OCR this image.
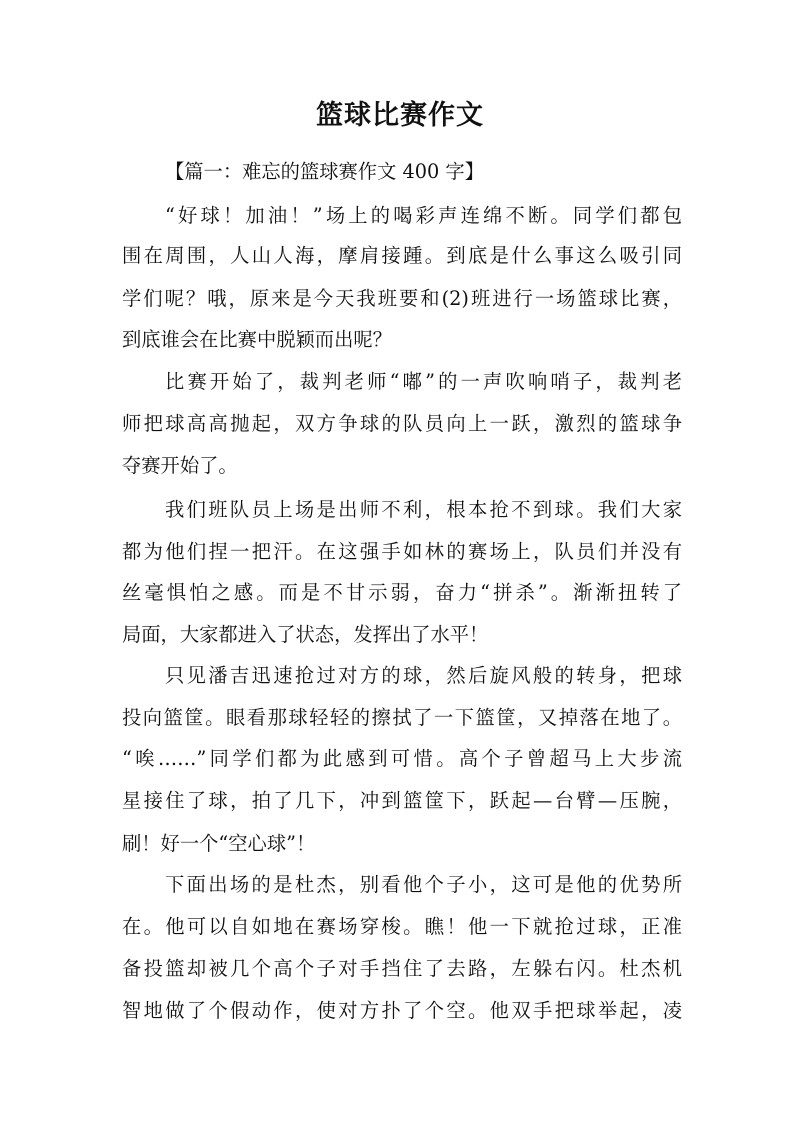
篮球比赛作文
【篇一：难忘的篮球赛作文 400 字】
“好球！加油！”场上的喝彩声连绵不断。同学们都包
围在周围，人山人海，摩肩接踵。到底是什么事这么吸引同
学们呢？哦，原来是今天我班要和(2)班进行一场篮球比赛，
到底谁会在比赛中脱颖而出呢？
比赛开始了，裁判老师“嘟”的一声吹响哨子，裁判老
师把球高高抛起，双方争球的队员向上一跃，激烈的篮球争
夺赛开始了。
我们班队员上场是出师不利，根本抢不到球。我们大家
都为他们捏一把汗。在这强手如林的赛场上，队员们并没有
丝毫惧怕之感。而是不甘示弱，奋力“拼杀”。渐渐扭转了
局面，大家都进入了状态，发挥出了水平！
只见潘吉迅速抢过对方的球，然后旋风般的转身，把球
投向篮筐。眼看那球轻轻的擦拭了一下篮筐，又掉落在地了。
“唉……”同学们都为此感到可惜。高个子曾超马上大步流
星接住了球，拍了几下，冲到篮筐下，跃起—台臂—压腕，
刷！好一个“空心球”！
下面出场的是杜杰，别看他个子小，这可是他的优势所
在。他可以自如地在赛场穿梭。瞧！他一下就抢过球，正准
备投篮却被几个高个子对手挡住了去路，左躲右闪。杜杰机
智地做了个假动作，使对方扑了个空。他双手把球举起，凌
